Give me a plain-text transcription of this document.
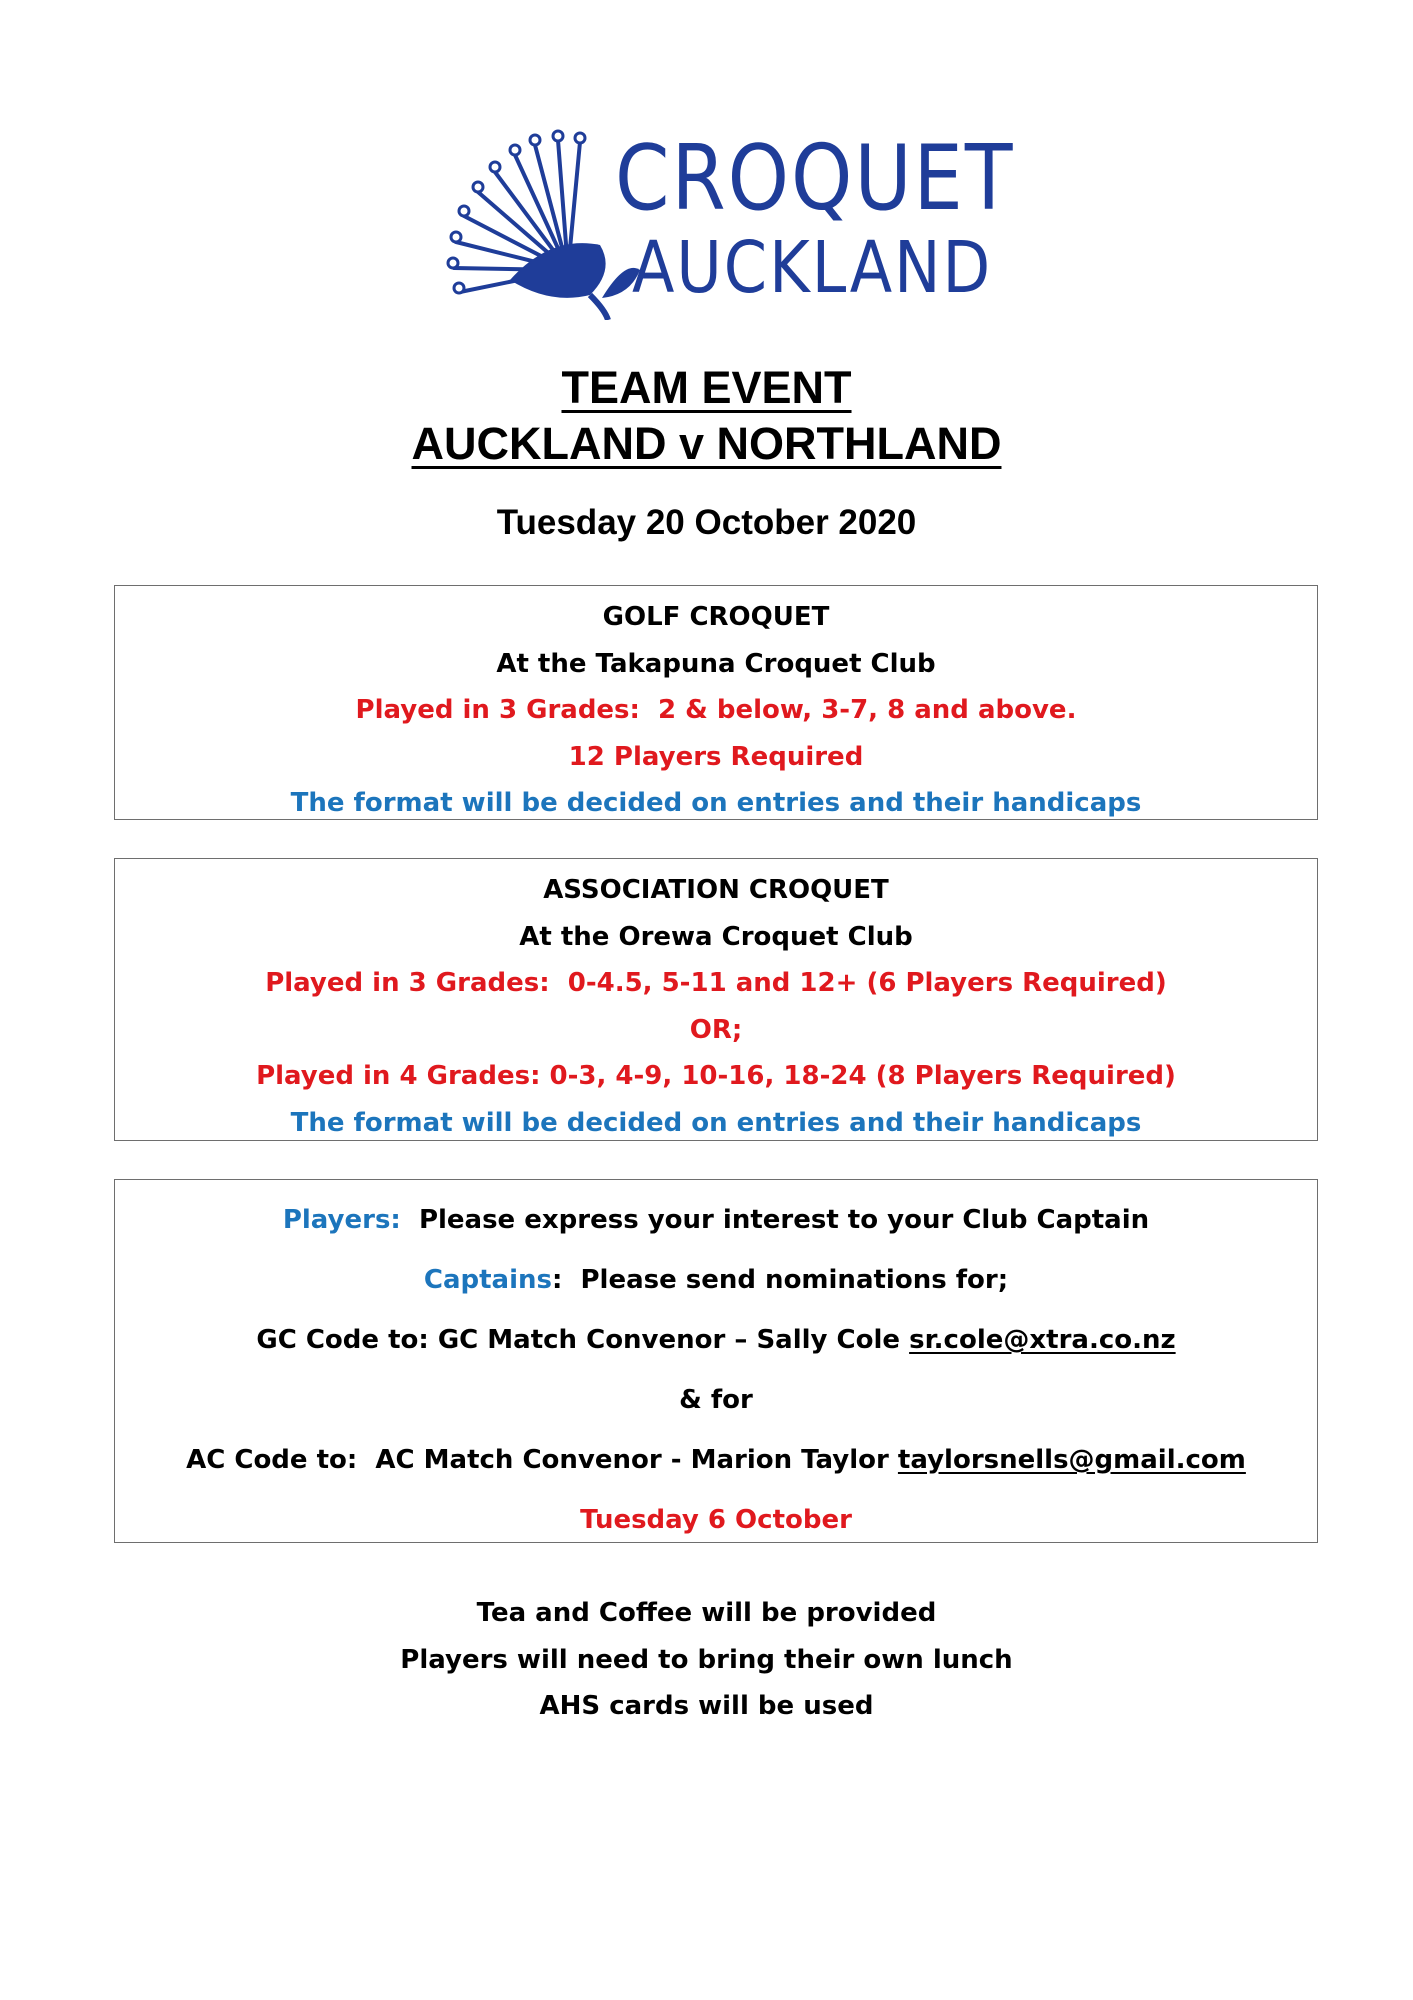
CROQUET
AUCKLAND
TEAM EVENT
AUCKLAND v NORTHLAND
Tuesday 20 October 2020
GOLF CROQUET
At the Takapuna Croquet Club
Played in 3 Grades:  2 & below, 3-7, 8 and above.
12 Players Required
The format will be decided on entries and their handicaps
ASSOCIATION CROQUET
At the Orewa Croquet Club
Played in 3 Grades:  0-4.5, 5-11 and 12+ (6 Players Required)
OR;
Played in 4 Grades: 0-3, 4-9, 10-16, 18-24 (8 Players Required)
The format will be decided on entries and their handicaps
Players: Please express your interest to your Club Captain
Captains:  Please send nominations for;
GC Code to: GC Match Convenor – Sally Cole sr.cole@xtra.co.nz
& for
AC Code to:  AC Match Convenor - Marion Taylor taylorsnells@gmail.com
Tuesday 6 October
Tea and Coffee will be provided
Players will need to bring their own lunch
AHS cards will be used
